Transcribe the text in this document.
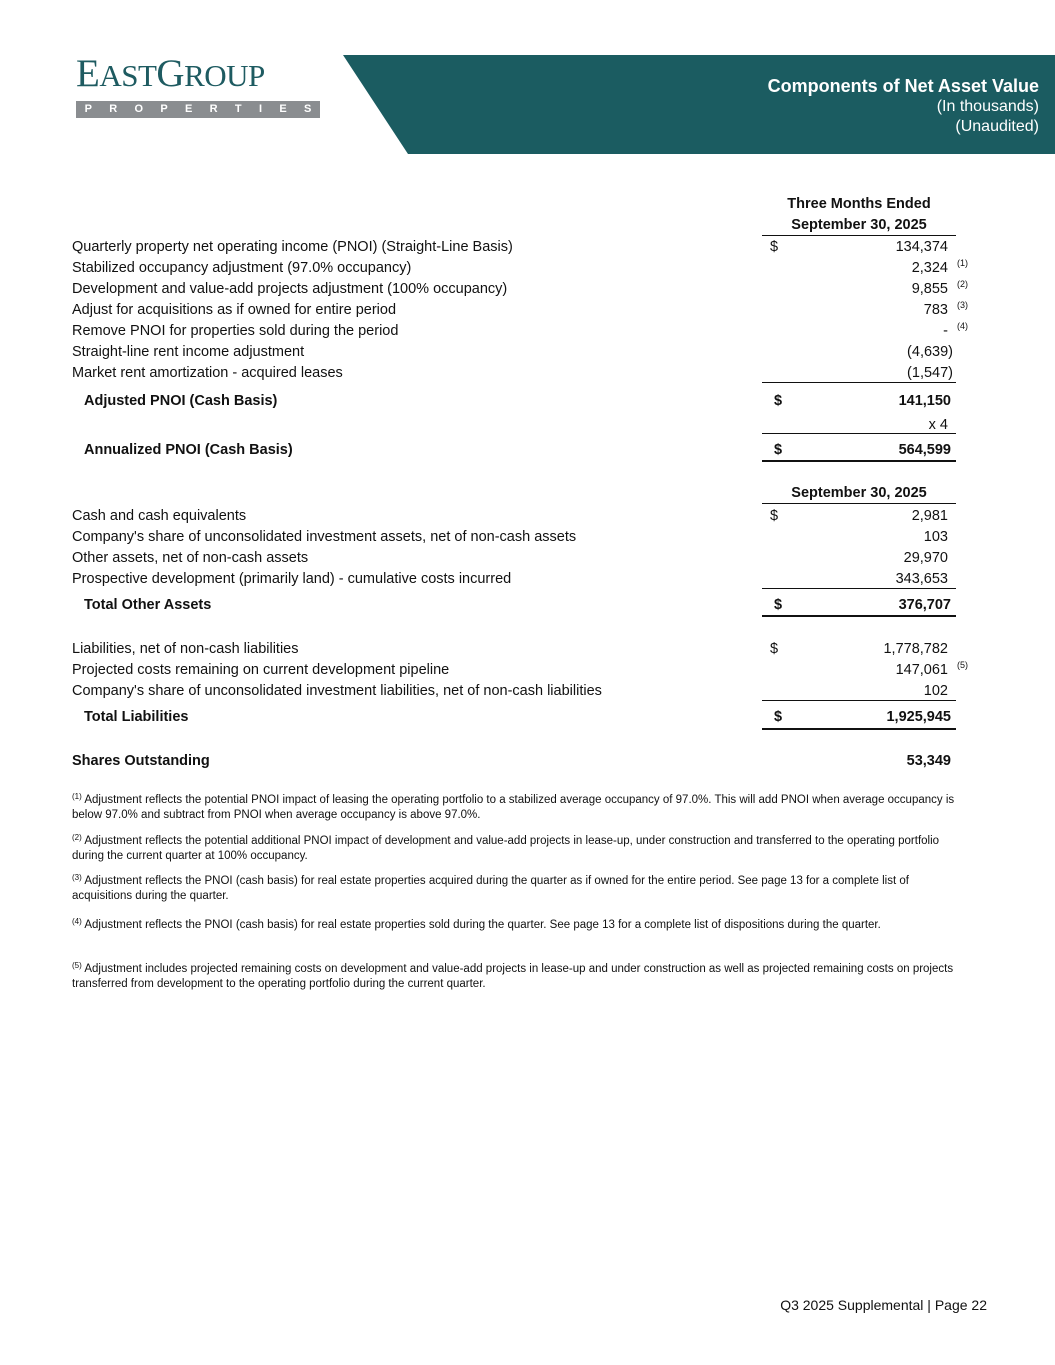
EASTGROUP
P R O P E R T I E S
Components of Net Asset Value
(In thousands)
(Unaudited)
Three Months Ended
September 30, 2025
Quarterly property net operating income (PNOI) (Straight-Line Basis)	$	134,374
Stabilized occupancy adjustment (97.0% occupancy)	2,324 (1)
Development and value-add projects adjustment (100% occupancy)	9,855 (2)
Adjust for acquisitions as if owned for entire period	783 (3)
Remove PNOI for properties sold during the period	- (4)
Straight-line rent income adjustment	(4,639)
Market rent amortization - acquired leases	(1,547)
Adjusted PNOI (Cash Basis)	$	141,150
x 4
Annualized PNOI (Cash Basis)	$	564,599
September 30, 2025
Cash and cash equivalents	$	2,981
Company's share of unconsolidated investment assets, net of non-cash assets	103
Other assets, net of non-cash assets	29,970
Prospective development (primarily land) - cumulative costs incurred	343,653
Total Other Assets	$	376,707
Liabilities, net of non-cash liabilities	$	1,778,782
Projected costs remaining on current development pipeline	147,061 (5)
Company's share of unconsolidated investment liabilities, net of non-cash liabilities	102
Total Liabilities	$	1,925,945
Shares Outstanding	53,349
$^{(1)}$ Adjustment reflects the potential PNOI impact of leasing the operating portfolio to a stabilized average occupancy of 97.0%. This will add PNOI when average occupancy is below 97.0% and subtract from PNOI when average occupancy is above 97.0%.
$^{(2)}$ Adjustment reflects the potential additional PNOI impact of development and value-add projects in lease-up, under construction and transferred to the operating portfolio during the current quarter at 100% occupancy.
$^{(3)}$ Adjustment reflects the PNOI (cash basis) for real estate properties acquired during the quarter as if owned for the entire period. See page 13 for a complete list of acquisitions during the quarter.
$^{(4)}$ Adjustment reflects the PNOI (cash basis) for real estate properties sold during the quarter. See page 13 for a complete list of dispositions during the quarter.
$^{(5)}$ Adjustment includes projected remaining costs on development and value-add projects in lease-up and under construction as well as projected remaining costs on projects transferred from development to the operating portfolio during the current quarter.
Q3 2025 Supplemental | Page 22
